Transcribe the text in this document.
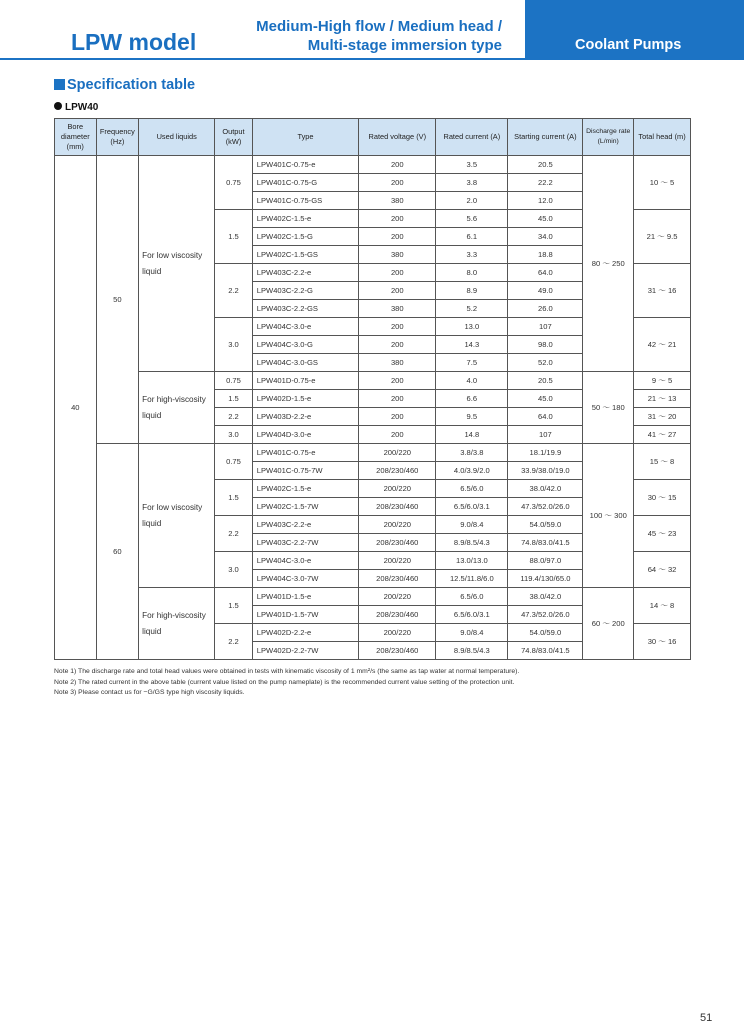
LPW model
Medium-High flow / Medium head /
Multi-stage immersion type	Coolant Pumps
Specification table
LPW40
Bore diameter (mm)	Frequency (Hz)	Used liquids	Output (kW)	Type	Rated voltage (V)	Rated current (A)	Starting current (A)	Discharge rate (L/min)	Total head (m)
40	50	For low viscosity liquid	0.75	LPW401C-0.75-e	200	3.5	20.5	80 ～ 250	10 ～ 5
				LPW401C-0.75-G	200	3.8	22.2		
				LPW401C-0.75-GS	380	2.0	12.0		
			1.5	LPW402C-1.5-e	200	5.6	45.0		21 ～ 9.5
				LPW402C-1.5-G	200	6.1	34.0		
				LPW402C-1.5-GS	380	3.3	18.8		
			2.2	LPW403C-2.2-e	200	8.0	64.0		31 ～ 16
				LPW403C-2.2-G	200	8.9	49.0		
				LPW403C-2.2-GS	380	5.2	26.0		
			3.0	LPW404C-3.0-e	200	13.0	107		42 ～ 21
				LPW404C-3.0-G	200	14.3	98.0		
				LPW404C-3.0-GS	380	7.5	52.0		
		For high-viscosity liquid	0.75	LPW401D-0.75-e	200	4.0	20.5	50 ～ 180	9 ～ 5
			1.5	LPW402D-1.5-e	200	6.6	45.0		21 ～ 13
			2.2	LPW403D-2.2-e	200	9.5	64.0		31 ～ 20
			3.0	LPW404D-3.0-e	200	14.8	107		41 ～ 27
	60	For low viscosity liquid	0.75	LPW401C-0.75-e	200/220	3.8/3.8	18.1/19.9	100 ～ 300	15 ～ 8
				LPW401C-0.75-7W	208/230/460	4.0/3.9/2.0	33.9/38.0/19.0		
			1.5	LPW402C-1.5-e	200/220	6.5/6.0	38.0/42.0		30 ～ 15
				LPW402C-1.5-7W	208/230/460	6.5/6.0/3.1	47.3/52.0/26.0		
			2.2	LPW403C-2.2-e	200/220	9.0/8.4	54.0/59.0		45 ～ 23
				LPW403C-2.2-7W	208/230/460	8.9/8.5/4.3	74.8/83.0/41.5		
			3.0	LPW404C-3.0-e	200/220	13.0/13.0	88.0/97.0		64 ～ 32
				LPW404C-3.0-7W	208/230/460	12.5/11.8/6.0	119.4/130/65.0		
		For high-viscosity liquid	1.5	LPW401D-1.5-e	200/220	6.5/6.0	38.0/42.0	60 ～ 200	14 ～ 8
				LPW401D-1.5-7W	208/230/460	6.5/6.0/3.1	47.3/52.0/26.0		
			2.2	LPW402D-2.2-e	200/220	9.0/8.4	54.0/59.0		30 ～ 16
				LPW402D-2.2-7W	208/230/460	8.9/8.5/4.3	74.8/83.0/41.5		
Note 1) The discharge rate and total head values were obtained in tests with kinematic viscosity of 1 mm²/s (the same as tap water at normal temperature).
Note 2) The rated current in the above table (current value listed on the pump nameplate) is the recommended current value setting of the protection unit.
Note 3) Please contact us for −G/GS type high viscosity liquids.
51
